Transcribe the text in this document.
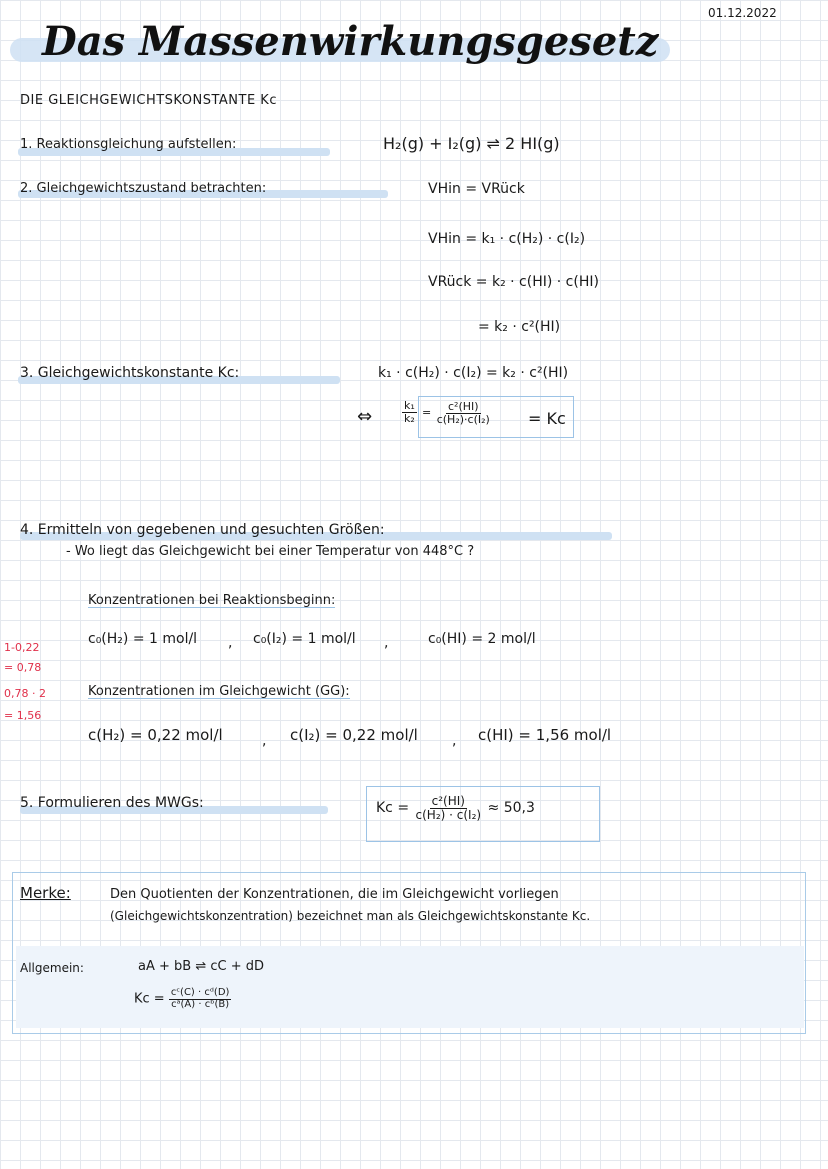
01.12.2022
Das Massenwirkungsgesetz
DIE GLEICHGEWICHTSKONSTANTE Kc
1. Reaktionsgleichung aufstellen:	H₂(g) + I₂(g) ⇌ 2 HI(g)
2. Gleichgewichtszustand betrachten:	VHin = VRück
VHin = k₁ · c(H₂) · c(I₂)
VRück = k₂ · c(HI) · c(HI)
= k₂ · c²(HI)
3. Gleichgewichtskonstante Kc:	k₁ · c(H₂) · c(I₂) = k₂ · c²(HI)
⇔	$\frac{\text{k₁}}{\text{k₂}} = \frac{\text{c²(HI)}}{\text{c(H₂)·c(I₂)}} = Kc$
4. Ermitteln von gegebenen und gesuchten Größen:
- Wo liegt das Gleichgewicht bei einer Temperatur von 448°C ?
Konzentrationen bei Reaktionsbeginn:
c₀(H₂) = 1 mol/l , c₀(I₂) = 1 mol/l ,	c₀(HI) = 2 mol/l
Konzentrationen im Gleichgewicht (GG):
c(H₂) = 0,22 mol/l	, c(I₂) = 0,22 mol/l , c(HI) = 1,56 mol/l
1-0,22
= 0,78
0,78 · 2
= 1,56
5. Formulieren des MWGs:	$Kc = \frac{\text{c²(HI)}}{\text{c(H₂) · c(I₂)}} \approx 50,3$
Merke:	Den Quotienten der Konzentrationen, die im Gleichgewicht vorliegen
(Gleichgewichtskonzentration) bezeichnet man als Gleichgewichtskonstante Kc.
Allgemein:	aA + bB ⇌ cC + dD
$Kc = \frac{\text{cᶜ(C) · cᵈ(D)}}{\text{cᵃ(A) · cᵇ(B)}}$
